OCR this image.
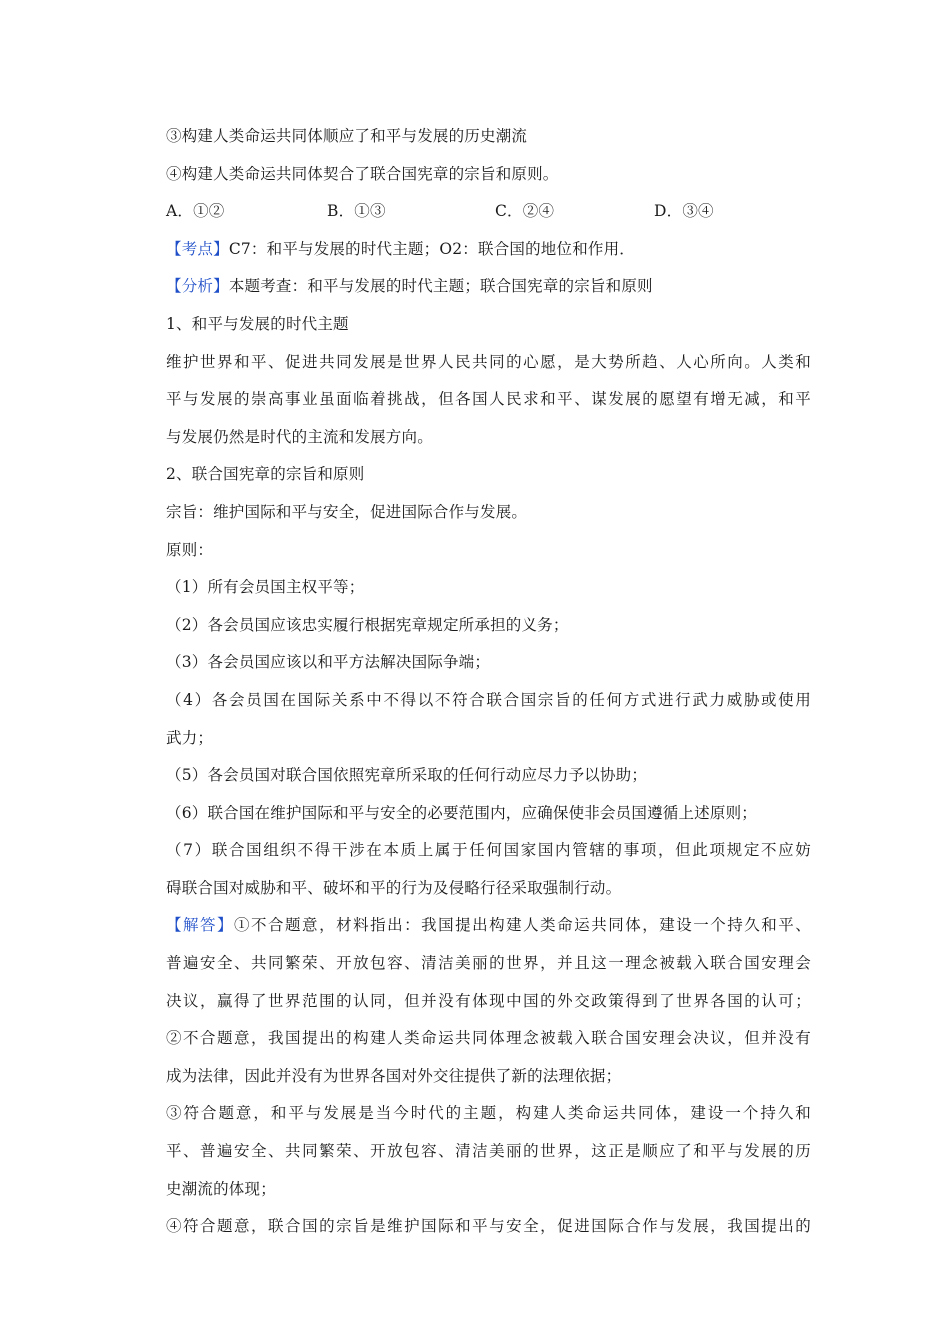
③构建人类命运共同体顺应了和平与发展的历史潮流
④构建人类命运共同体契合了联合国宪章的宗旨和原则。
A．①②	B．①③	C．②④	D．③④
【考点】C7：和平与发展的时代主题；O2：联合国的地位和作用．
【分析】本题考查：和平与发展的时代主题；联合国宪章的宗旨和原则
1、和平与发展的时代主题
维护世界和平、促进共同发展是世界人民共同的心愿，是大势所趋、人心所向。人类和
平与发展的崇高事业虽面临着挑战，但各国人民求和平、谋发展的愿望有增无减，和平
与发展仍然是时代的主流和发展方向。
2、联合国宪章的宗旨和原则
宗旨：维护国际和平与安全，促进国际合作与发展。
原则：
（1）所有会员国主权平等；
（2）各会员国应该忠实履行根据宪章规定所承担的义务；
（3）各会员国应该以和平方法解决国际争端；
（4）各会员国在国际关系中不得以不符合联合国宗旨的任何方式进行武力威胁或使用
武力；
（5）各会员国对联合国依照宪章所采取的任何行动应尽力予以协助；
（6）联合国在维护国际和平与安全的必要范围内，应确保使非会员国遵循上述原则；
（7）联合国组织不得干涉在本质上属于任何国家国内管辖的事项，但此项规定不应妨
碍联合国对威胁和平、破坏和平的行为及侵略行径采取强制行动。
【解答】①不合题意，材料指出：我国提出构建人类命运共同体，建设一个持久和平、
普遍安全、共同繁荣、开放包容、清洁美丽的世界，并且这一理念被载入联合国安理会
决议，赢得了世界范围的认同，但并没有体现中国的外交政策得到了世界各国的认可；
②不合题意，我国提出的构建人类命运共同体理念被载入联合国安理会决议，但并没有
成为法律，因此并没有为世界各国对外交往提供了新的法理依据；
③符合题意，和平与发展是当今时代的主题，构建人类命运共同体，建设一个持久和
平、普遍安全、共同繁荣、开放包容、清洁美丽的世界，这正是顺应了和平与发展的历
史潮流的体现；
④符合题意，联合国的宗旨是维护国际和平与安全，促进国际合作与发展，我国提出的
